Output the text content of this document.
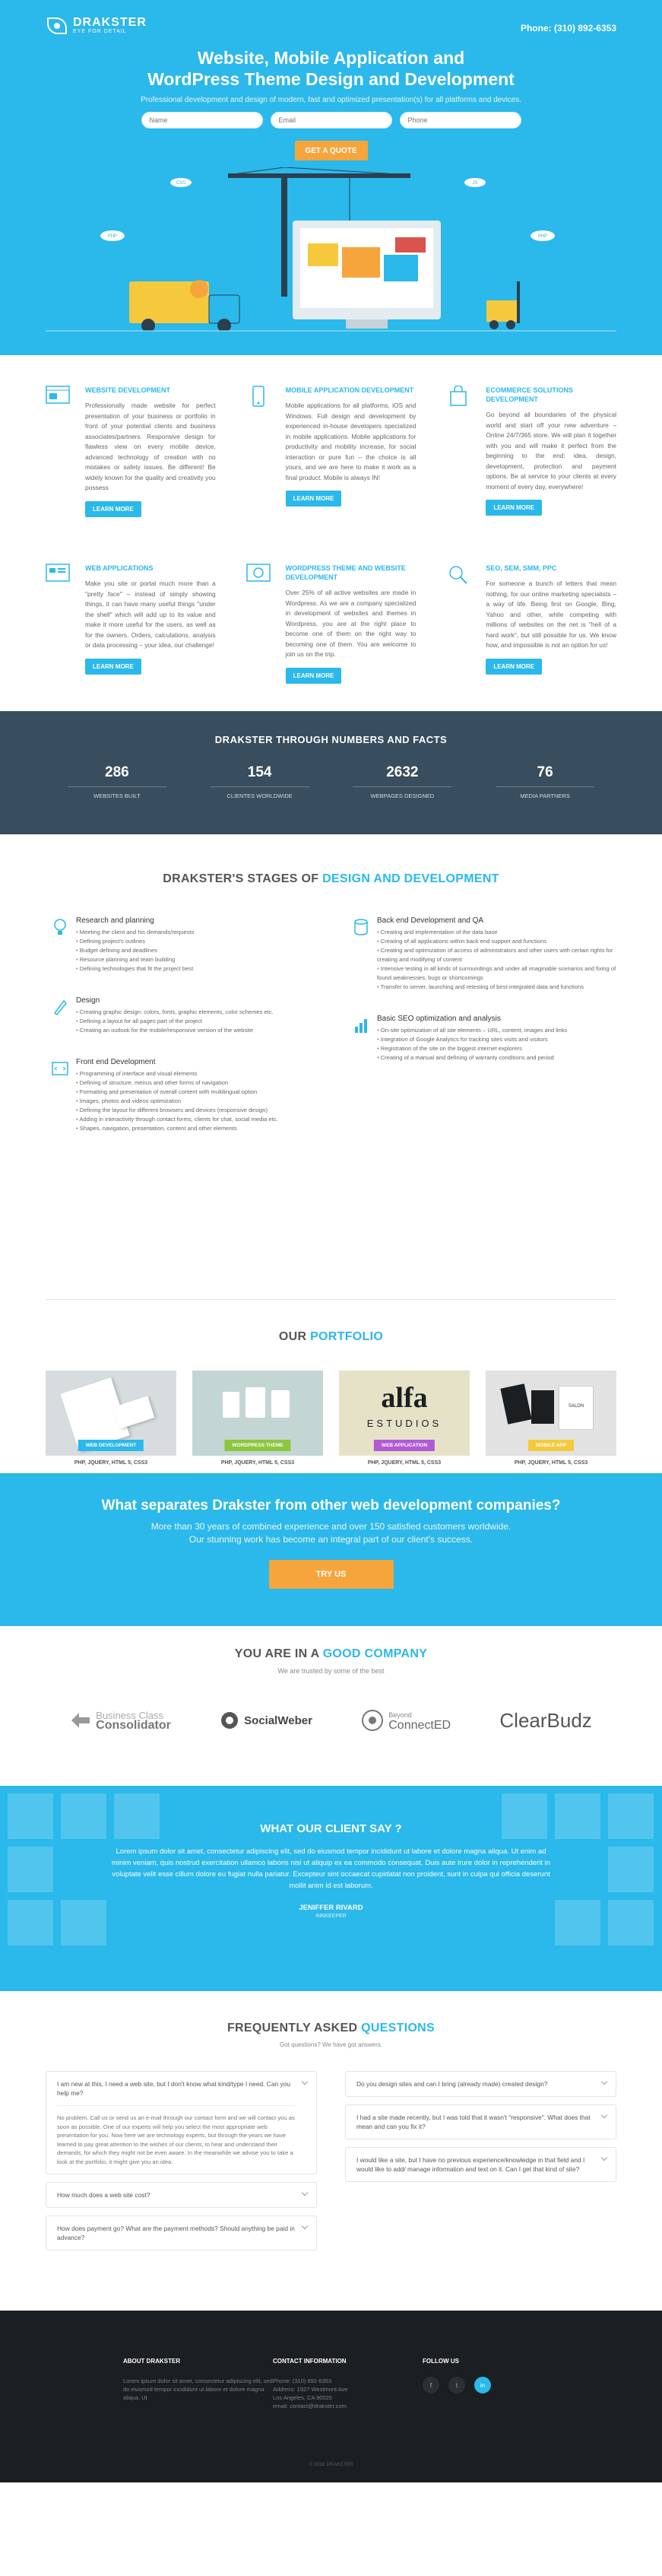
DRAKSTER
EYE FOR DETAIL	Phone: (310) 892-6353
Website, Mobile Application and
WordPress Theme Design and Development
Professional development and design of modern, fast and optimized presentation(s) for all platforms and devices.
Name
Email
Phone
GET A QUOTE
PHP
CSS	JS
PHP
WEBSITE DEVELOPMENT

Professionally made website for perfect presentation of your business or portfolio in front of your potential clients and business associates/partners. Responsive design for flawless view on every mobile device, advanced technology of creation with no mistakes or safety issues. Be different! Be widely known for the quality and creativity you possess

LEARN MORE
MOBILE APPLICATION DEVELOPMENT

Mobile applications for all platforms, iOS and Windows. Full design and development by experienced in-house developers specialized in mobile applications. Mobile applications for productivity and mobility increase, for social interaction or pure fun – the choice is all yours, and we are here to make it work as a final product. Mobile is always IN!

LEARN MORE
ECOMMERCE SOLUTIONS DEVELOPMENT

Go beyond all boundaries of the physical world and start off your new adventure – Online 24/7/365 store. We will plan it together with you and will make it perfect from the beginning to the end: idea, design, development, protection and payment options. Be at service to your clients at every moment of every day, everywhere!

LEARN MORE
WEB APPLICATIONS

Make you site or portal much more than a "pretty face" – instead of simply showing things, it can have many useful things "under the shell" which will add up to its value and make it more useful for the users, as well as for the owners. Orders, calculations, analysis or data processing – your idea, our challenge!

LEARN MORE
WORDPRESS THEME AND WEBSITE DEVELOPMENT

Over 25% of all active websites are made in Wordpress. As we are a company specialized in development of websites and themes in Wordpress, you are at the right place to become one of them on the right way to becoming one of them. You are welcome to join us on the trip.

LEARN MORE
SEO, SEM, SMM, PPC

For someone a bunch of letters that mean nothing, for our online marketing specialists – a way of life. Being first on Google, Bing, Yahoo and other, while competing with millions of websites on the net is "hell of a hard work", but still possible for us. We know how, and impossible is not an option for us!

LEARN MORE
DRAKSTER THROUGH NUMBERS AND FACTS
286
WEBSITES BUILT
154
CLIENTES WORLDWIDE
2632
WEBPAGES DESIGNED
76
MEDIA PARTNERS
DRAKSTER'S STAGES OF DESIGN AND DEVELOPMENT
Research and planning
• Meeting the client and his demands/requests
• Defining project's outlines
• Budget defining and deadlines
• Resource planning and team building
• Defining technologies that fit the project best
Design
• Creating graphic design: colors, fonts, graphic elements, color schemes etc.
• Defining a layout for all pages part of the project
• Creating an outlook for the mobile/responsive version of the website
Front end Development
• Programming of interface and visual elements
• Defining of structure, menus and other forms of navigation
• Formatting and presentation of overall content with multilingual option
• Images, photos and videos optimization
• Defining the layout for different browsers and devices (responsive design)
• Adding in interactivity through contact forms, clients for chat, social media etc.
• Shapes, navigation, presentation, content and other elements
Back end Development and QA
• Creating and implementation of the data base
• Creating of all applications within back end support and functions
• Creating and optimization of access of administrators and other users with certain rights for creating and modifying of content
• Intensive testing in all kinds of surroundings and under all imaginable scenarios and fixing of found weaknesses, bugs or shortcomings
• Transfer to server, launching and retesting of best-integrated data and functions
Basic SEO optimization and analysis
• On-site optimization of all site elements – URL, content, images and links
• Integration of Google Analytics for tracking sites visits and visitors
• Registration of the site on the biggest internet explorers
• Creating of a manual and defining of warranty conditions and period
OUR PORTFOLIO
WEB DEVELOPMENT
PHP, JQUERY, HTML 5, CSS3
WORDPRESS THEME
PHP, JQUERY, HTML 5, CSS3
alfa
ESTUDIOS
WEB APPLICATION
PHP, JQUERY, HTML 5, CSS3
SALON
MOBILE APP
PHP, JQUERY, HTML 5, CSS3
What separates Drakster from other web development companies?

More than 30 years of combined experience and over 150 satisfied customers worldwide.
Our stunning work has become an integral part of our client's success.

TRY US
YOU ARE IN A GOOD COMPANY
We are trusted by some of the best
Business Class
Consolidator	SocialWeber	Beyond
ConnectED ClearBudz
KA
MAN
SKI
WHAT OUR CLIENT SAY ?

Lorem ipsum dolor sit amet, consectetur adipiscing elit, sed do eiusmod tempor incididunt ut labore et dolore magna aliqua. Ut enim ad minim veniam, quis nostrud exercitation ullamco laboris nisi ut aliquip ex ea commodo consequat. Duis aute irure dolor in reprehenderit in voluptate velit esse cillum dolore eu fugiat nulla pariatur. Excepteur sint occaecat cupidatat non proident, sunt in culpa qui officia deserunt mollit anim id est laborum.

JENIFFER RIVARD
INNKEEPER
FREQUENTLY ASKED QUESTIONS
Got questions? We have got answers.
I am new at this, I need a web site, but I don't know what kind/type I need. Can you help me?
No problem. Call us or send us an e-mail through our contact form and we will contact you as soon as possible. One of our experts will help you select the most appropriate web presentation for you. Now here we are technology experts, but through the years we have learned to pay great attention to the wishes of our clients, to hear and understand their demands, for which they might not be even aware. In the meanwhile we advise you to take a look at the portfolio, it might give you an idea.
How much does a web site cost?
How does payment go? What are the payment methods? Should anything be paid in advance?
Do you design sites and can I bring (already made) created design?
I had a site made recently, but I was told that it wasn't "responsive". What does that mean and can you fix it?
I would like a site, but I have no previous experience/knowledge in that field and I would like to add/ manage information and text on it. Can I get that kind of site?
ABOUT DRAKSTER

Lorem ipsum dolor sit amet, consectetur adipiscing elit, sed do eiusmod tempor incididunt ut labore et dolore magna aliqua. Ut

CONTACT INFORMATION

Phone: (310) 892-6353

Address: 1927 Westmont Ave

Los Angeles, CA 90025

email: contact@drakster.com

FOLLOW US
f	t	in
© 2016 DRAKSTER
